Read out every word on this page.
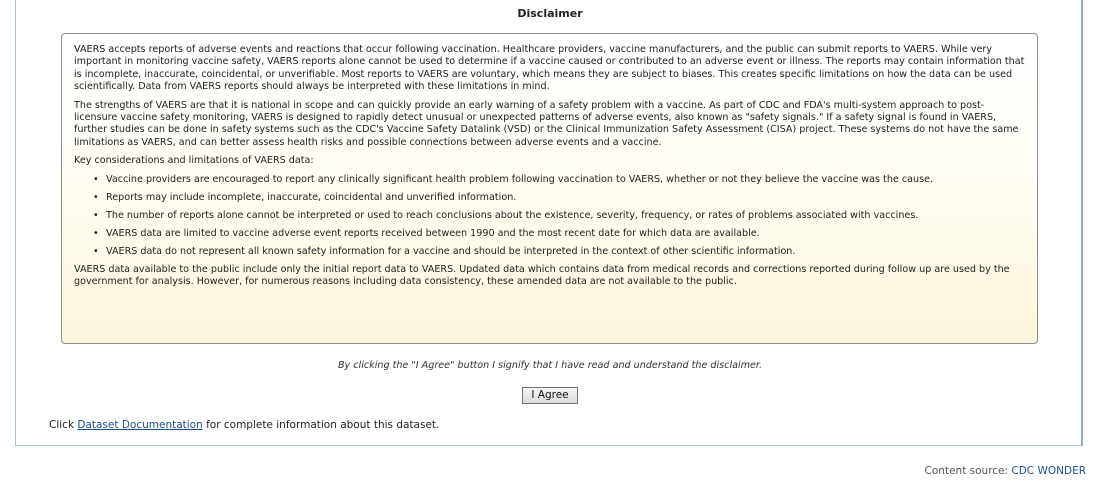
Disclaimer

VAERS accepts reports of adverse events and reactions that occur following vaccination. Healthcare providers, vaccine manufacturers, and the public can submit reports to VAERS. While very important in monitoring vaccine safety, VAERS reports alone cannot be used to determine if a vaccine caused or contributed to an adverse event or illness. The reports may contain information that is incomplete, inaccurate, coincidental, or unverifiable. Most reports to VAERS are voluntary, which means they are subject to biases. This creates specific limitations on how the data can be used scientifically. Data from VAERS reports should always be interpreted with these limitations in mind.

The strengths of VAERS are that it is national in scope and can quickly provide an early warning of a safety problem with a vaccine. As part of CDC and FDA's multi-system approach to post-licensure vaccine safety monitoring, VAERS is designed to rapidly detect unusual or unexpected patterns of adverse events, also known as "safety signals." If a safety signal is found in VAERS, further studies can be done in safety systems such as the CDC's Vaccine Safety Datalink (VSD) or the Clinical Immunization Safety Assessment (CISA) project. These systems do not have the same limitations as VAERS, and can better assess health risks and possible connections between adverse events and a vaccine.

Key considerations and limitations of VAERS data:

• Vaccine providers are encouraged to report any clinically significant health problem following vaccination to VAERS, whether or not they believe the vaccine was the cause.
• Reports may include incomplete, inaccurate, coincidental and unverified information.
• The number of reports alone cannot be interpreted or used to reach conclusions about the existence, severity, frequency, or rates of problems associated with vaccines.
• VAERS data are limited to vaccine adverse event reports received between 1990 and the most recent date for which data are available.
• VAERS data do not represent all known safety information for a vaccine and should be interpreted in the context of other scientific information.

VAERS data available to the public include only the initial report data to VAERS. Updated data which contains data from medical records and corrections reported during follow up are used by the government for analysis. However, for numerous reasons including data consistency, these amended data are not available to the public.

By clicking the "I Agree" button I signify that I have read and understand the disclaimer.
I Agree
Click Dataset Documentation for complete information about this dataset.
Content source: CDC WONDER
